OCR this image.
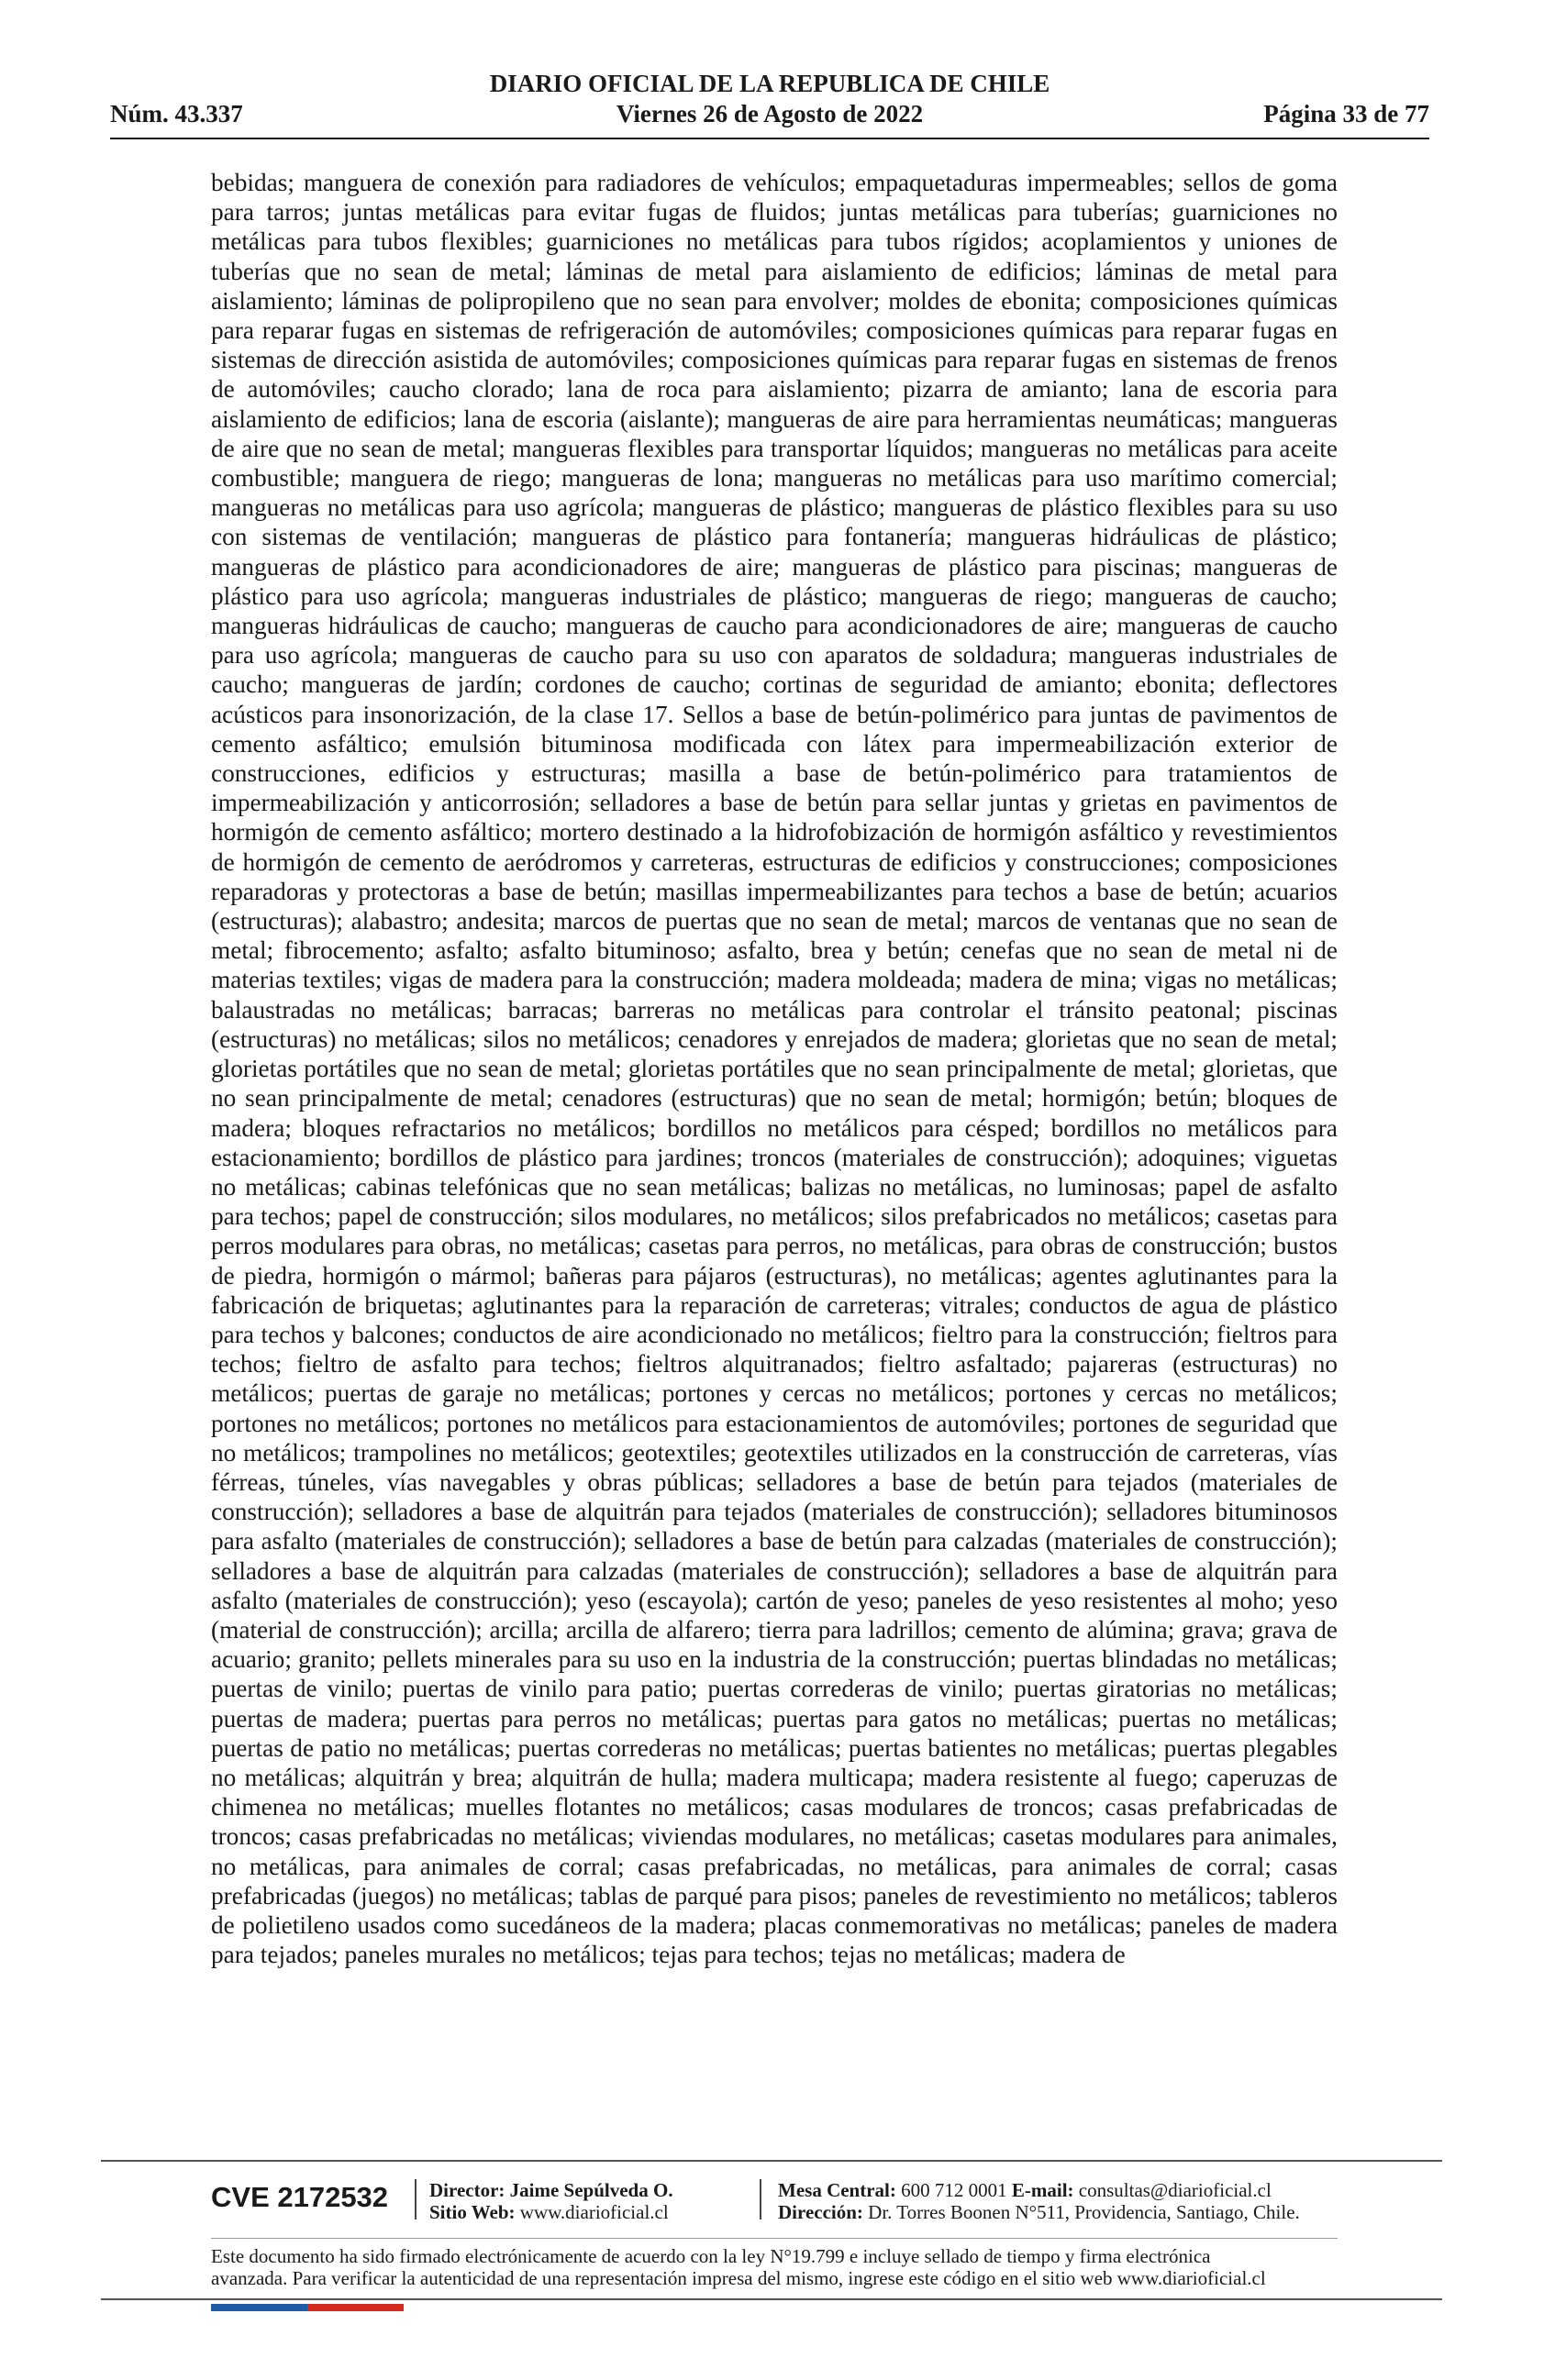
DIARIO OFICIAL DE LA REPUBLICA DE CHILE
Viernes 26 de Agosto de 2022
Núm. 43.337	Página 33 de 77
bebidas; manguera de conexión para radiadores de vehículos; empaquetaduras impermeables; sellos de goma para tarros; juntas metálicas para evitar fugas de fluidos; juntas metálicas para tuberías; guarniciones no metálicas para tubos flexibles; guarniciones no metálicas para tubos rígidos; acoplamientos y uniones de tuberías que no sean de metal; láminas de metal para aislamiento de edificios; láminas de metal para aislamiento; láminas de polipropileno que no sean para envolver; moldes de ebonita; composiciones químicas para reparar fugas en sistemas de refrigeración de automóviles; composiciones químicas para reparar fugas en sistemas de dirección asistida de automóviles; composiciones químicas para reparar fugas en sistemas de frenos de automóviles; caucho clorado; lana de roca para aislamiento; pizarra de amianto; lana de escoria para aislamiento de edificios; lana de escoria (aislante); mangueras de aire para herramientas neumáticas; mangueras de aire que no sean de metal; mangueras flexibles para transportar líquidos; mangueras no metálicas para aceite combustible; manguera de riego; mangueras de lona; mangueras no metálicas para uso marítimo comercial; mangueras no metálicas para uso agrícola; mangueras de plástico; mangueras de plástico flexibles para su uso con sistemas de ventilación; mangueras de plástico para fontanería; mangueras hidráulicas de plástico; mangueras de plástico para acondicionadores de aire; mangueras de plástico para piscinas; mangueras de plástico para uso agrícola; mangueras industriales de plástico; mangueras de riego; mangueras de caucho; mangueras hidráulicas de caucho; mangueras de caucho para acondicionadores de aire; mangueras de caucho para uso agrícola; mangueras de caucho para su uso con aparatos de soldadura; mangueras industriales de caucho; mangueras de jardín; cordones de caucho; cortinas de seguridad de amianto; ebonita; deflectores acústicos para insonorización, de la clase 17. Sellos a base de betún-polimérico para juntas de pavimentos de cemento asfáltico; emulsión bituminosa modificada con látex para impermeabilización exterior de construcciones, edificios y estructuras; masilla a base de betún-polimérico para tratamientos de impermeabilización y anticorrosión; selladores a base de betún para sellar juntas y grietas en pavimentos de hormigón de cemento asfáltico; mortero destinado a la hidrofobización de hormigón asfáltico y revestimientos de hormigón de cemento de aeródromos y carreteras, estructuras de edificios y construcciones; composiciones reparadoras y protectoras a base de betún; masillas impermeabilizantes para techos a base de betún; acuarios (estructuras); alabastro; andesita; marcos de puertas que no sean de metal; marcos de ventanas que no sean de metal; fibrocemento; asfalto; asfalto bituminoso; asfalto, brea y betún; cenefas que no sean de metal ni de materias textiles; vigas de madera para la construcción; madera moldeada; madera de mina; vigas no metálicas; balaustradas no metálicas; barracas; barreras no metálicas para controlar el tránsito peatonal; piscinas (estructuras) no metálicas; silos no metálicos; cenadores y enrejados de madera; glorietas que no sean de metal; glorietas portátiles que no sean de metal; glorietas portátiles que no sean principalmente de metal; glorietas, que no sean principalmente de metal; cenadores (estructuras) que no sean de metal; hormigón; betún; bloques de madera; bloques refractarios no metálicos; bordillos no metálicos para césped; bordillos no metálicos para estacionamiento; bordillos de plástico para jardines; troncos (materiales de construcción); adoquines; viguetas no metálicas; cabinas telefónicas que no sean metálicas; balizas no metálicas, no luminosas; papel de asfalto para techos; papel de construcción; silos modulares, no metálicos; silos prefabricados no metálicos; casetas para perros modulares para obras, no metálicas; casetas para perros, no metálicas, para obras de construcción; bustos de piedra, hormigón o mármol; bañeras para pájaros (estructuras), no metálicas; agentes aglutinantes para la fabricación de briquetas; aglutinantes para la reparación de carreteras; vitrales; conductos de agua de plástico para techos y balcones; conductos de aire acondicionado no metálicos; fieltro para la construcción; fieltros para techos; fieltro de asfalto para techos; fieltros alquitranados; fieltro asfaltado; pajareras (estructuras) no metálicos; puertas de garaje no metálicas; portones y cercas no metálicos; portones y cercas no metálicos; portones no metálicos; portones no metálicos para estacionamientos de automóviles; portones de seguridad que no metálicos; trampolines no metálicos; geotextiles; geotextiles utilizados en la construcción de carreteras, vías férreas, túneles, vías navegables y obras públicas; selladores a base de betún para tejados (materiales de construcción); selladores a base de alquitrán para tejados (materiales de construcción); selladores bituminosos para asfalto (materiales de construcción); selladores a base de betún para calzadas (materiales de construcción); selladores a base de alquitrán para calzadas (materiales de construcción); selladores a base de alquitrán para asfalto (materiales de construcción); yeso (escayola); cartón de yeso; paneles de yeso resistentes al moho; yeso (material de construcción); arcilla; arcilla de alfarero; tierra para ladrillos; cemento de alúmina; grava; grava de acuario; granito; pellets minerales para su uso en la industria de la construcción; puertas blindadas no metálicas; puertas de vinilo; puertas de vinilo para patio; puertas correderas de vinilo; puertas giratorias no metálicas; puertas de madera; puertas para perros no metálicas; puertas para gatos no metálicas; puertas no metálicas; puertas de patio no metálicas; puertas correderas no metálicas; puertas batientes no metálicas; puertas plegables no metálicas; alquitrán y brea; alquitrán de hulla; madera multicapa; madera resistente al fuego; caperuzas de chimenea no metálicas; muelles flotantes no metálicos; casas modulares de troncos; casas prefabricadas de troncos; casas prefabricadas no metálicas; viviendas modulares, no metálicas; casetas modulares para animales, no metálicas, para animales de corral; casas prefabricadas, no metálicas, para animales de corral; casas prefabricadas (juegos) no metálicas; tablas de parqué para pisos; paneles de revestimiento no metálicos; tableros de polietileno usados como sucedáneos de la madera; placas conmemorativas no metálicas; paneles de madera para tejados; paneles murales no metálicos; tejas para techos; tejas no metálicas; madera de
CVE 2172532 Director: Jaime Sepúlveda O.
Sitio Web: www.diarioficial.cl
Mesa Central: 600 712 0001 E-mail: consultas@diarioficial.cl
Dirección: Dr. Torres Boonen N°511, Providencia, Santiago, Chile.
Este documento ha sido firmado electrónicamente de acuerdo con la ley N°19.799 e incluye sellado de tiempo y firma electrónica
avanzada. Para verificar la autenticidad de una representación impresa del mismo, ingrese este código en el sitio web www.diarioficial.cl
